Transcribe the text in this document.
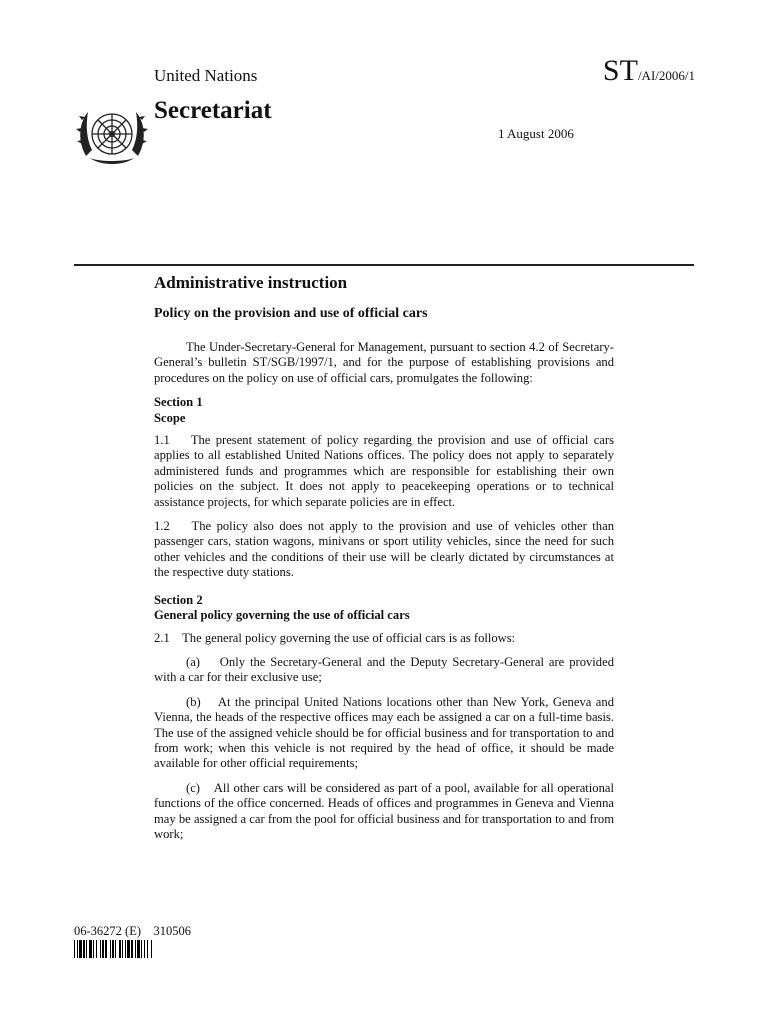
United Nations	ST/AI/2006/1
Secretariat
1 August 2006
Administrative instruction
Policy on the provision and use of official cars

The Under-Secretary-General for Management, pursuant to section 4.2 of Secretary-General’s bulletin ST/SGB/1997/1, and for the purpose of establishing provisions and procedures on the policy on use of official cars, promulgates the following:

Section 1
Scope

1.1    The present statement of policy regarding the provision and use of official cars applies to all established United Nations offices. The policy does not apply to separately administered funds and programmes which are responsible for establishing their own policies on the subject. It does not apply to peacekeeping operations or to technical assistance projects, for which separate policies are in effect.

1.2    The policy also does not apply to the provision and use of vehicles other than passenger cars, station wagons, minivans or sport utility vehicles, since the need for such other vehicles and the conditions of their use will be clearly dictated by circumstances at the respective duty stations.

Section 2
General policy governing the use of official cars

2.1    The general policy governing the use of official cars is as follows:

(a)    Only the Secretary-General and the Deputy Secretary-General are provided with a car for their exclusive use;

(b)    At the principal United Nations locations other than New York, Geneva and Vienna, the heads of the respective offices may each be assigned a car on a full-time basis. The use of the assigned vehicle should be for official business and for transportation to and from work; when this vehicle is not required by the head of office, it should be made available for other official requirements;

(c)    All other cars will be considered as part of a pool, available for all operational functions of the office concerned. Heads of offices and programmes in Geneva and Vienna may be assigned a car from the pool for official business and for transportation to and from work;

06-36272 (E)    310506
